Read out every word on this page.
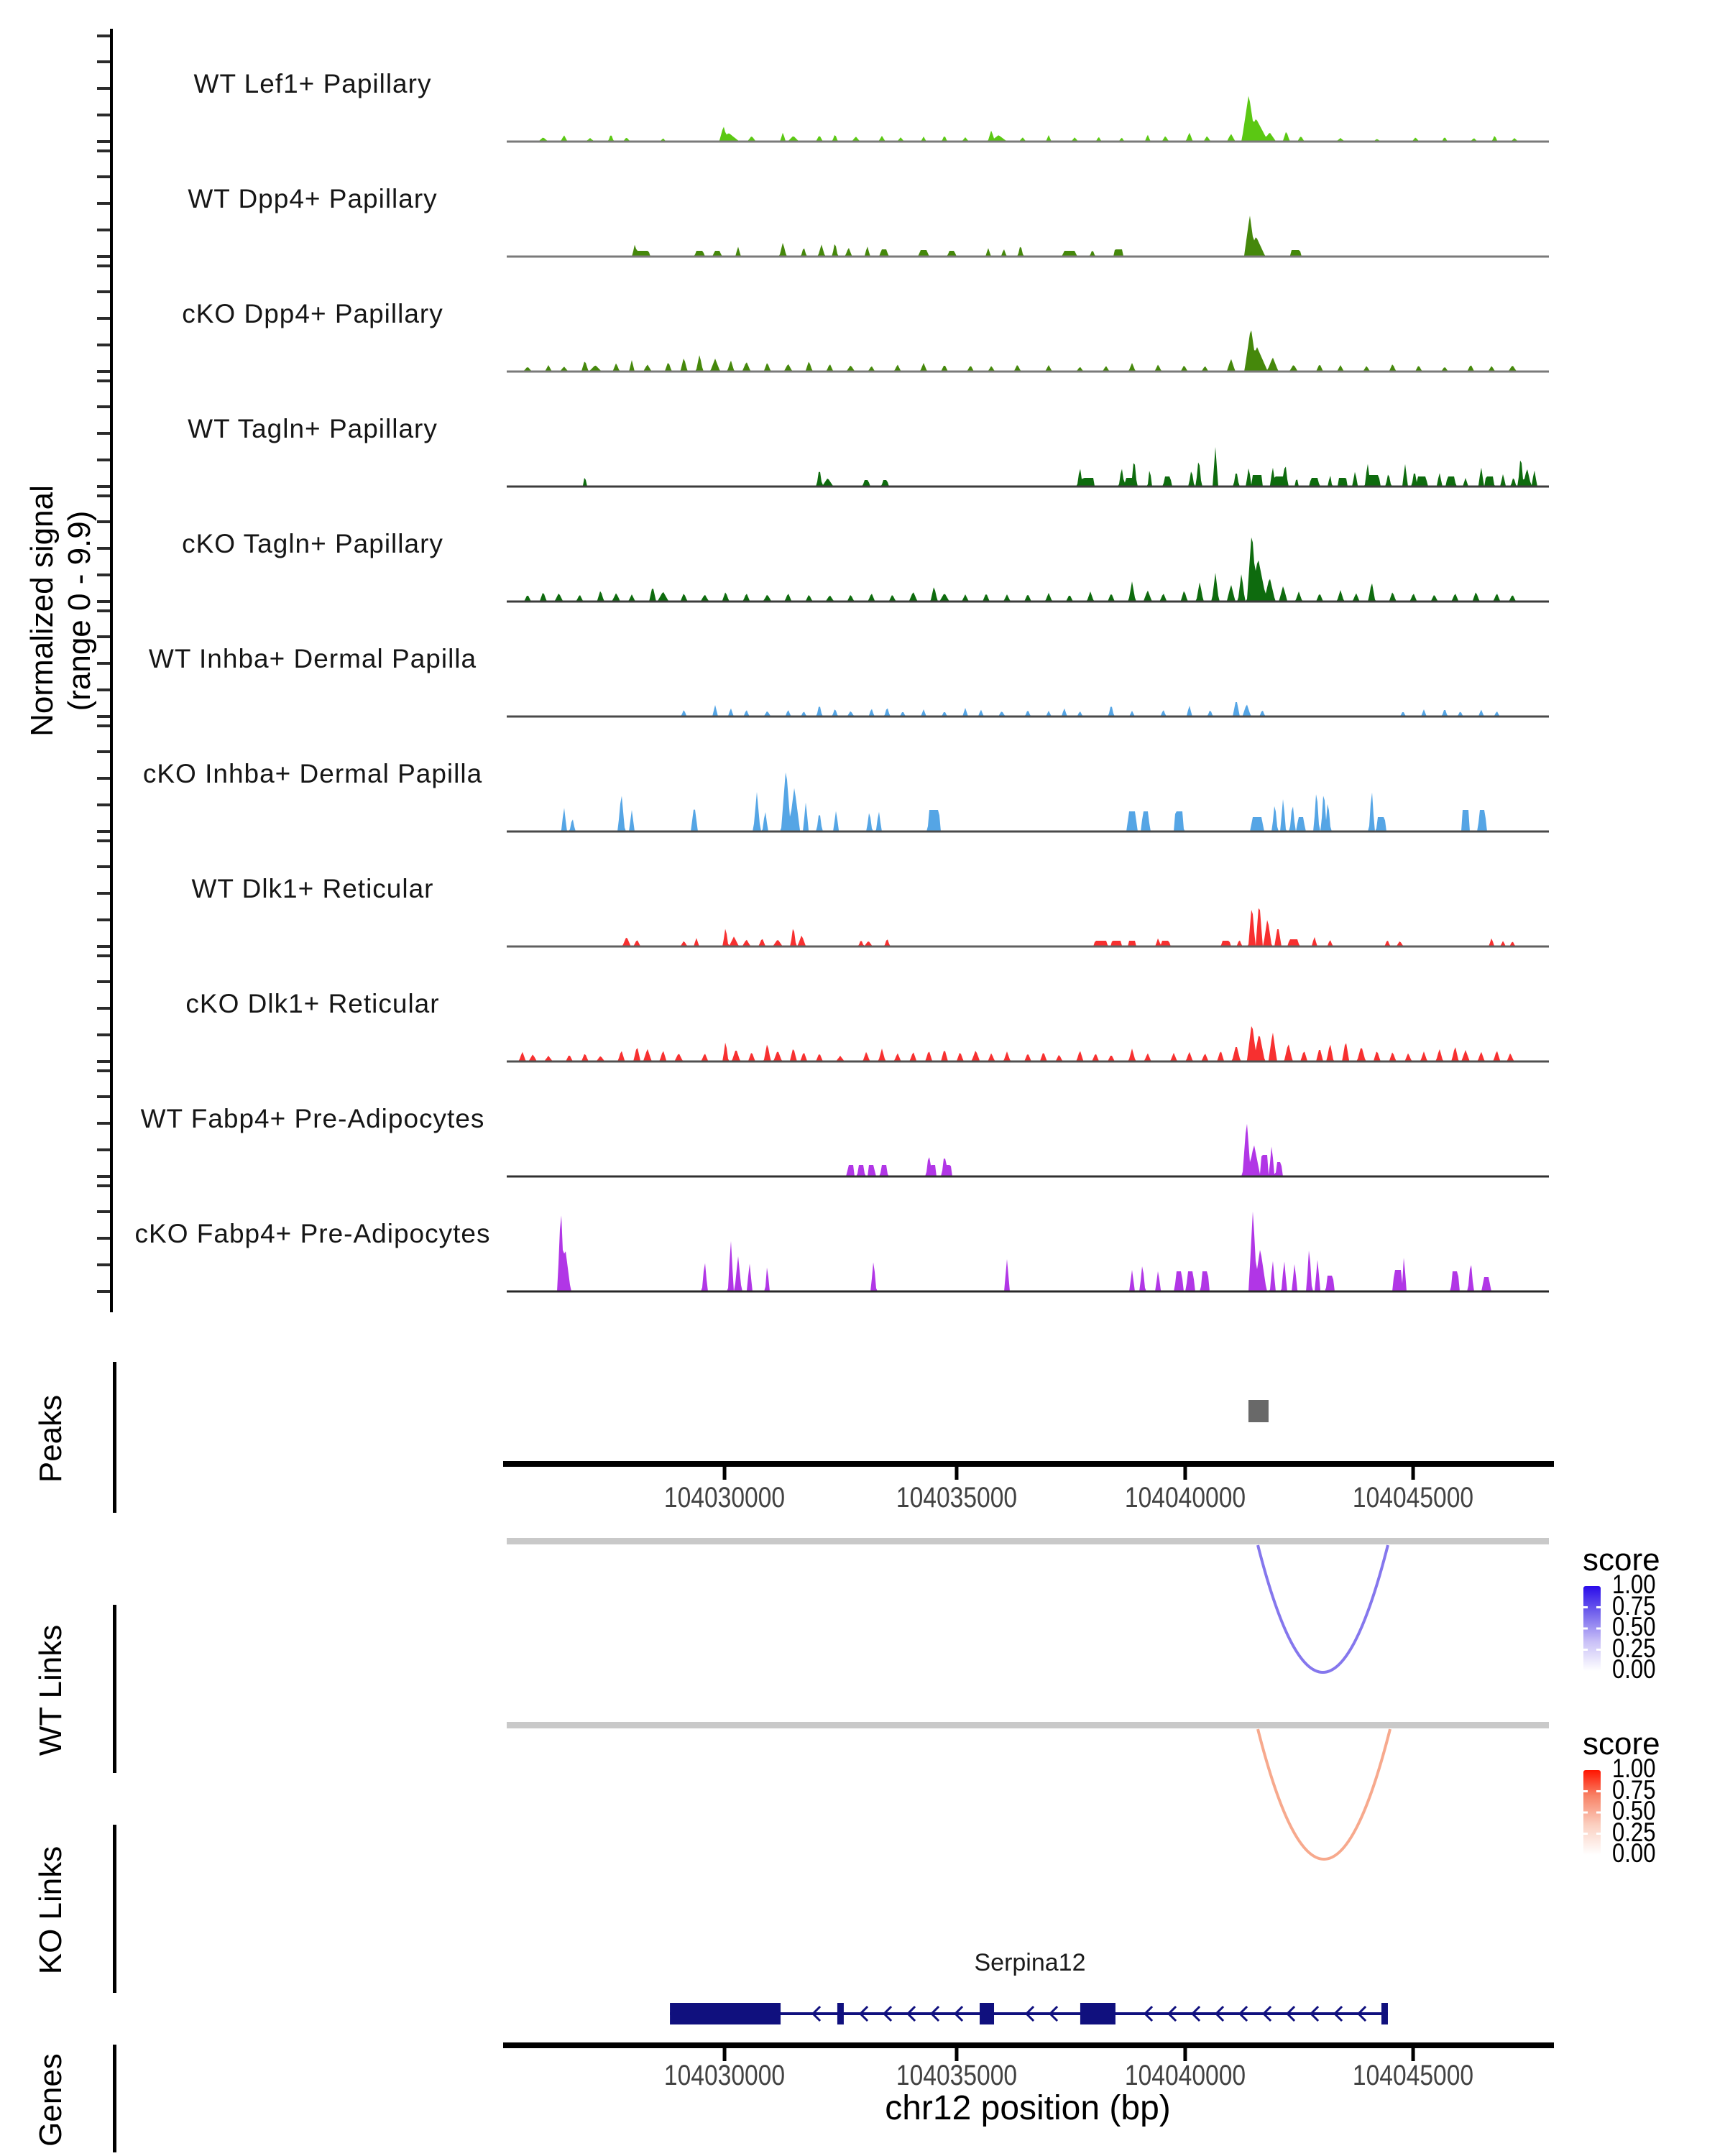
Normalized signal (range 0 - 9.9)
Peaks
WT Links
KO Links
Genes
score
score
Serpina12
chr12 position (bp)
WT Lef1+ Papillary
WT Dpp4+ Papillary
cKO Dpp4+ Papillary
WT Tagln+ Papillary
cKO Tagln+ Papillary
WT Inhba+ Dermal Papilla
cKO Inhba+ Dermal Papilla
WT Dlk1+ Reticular
cKO Dlk1+ Reticular
WT Fabp4+ Pre-Adipocytes
cKO Fabp4+ Pre-Adipocytes
104030000
104030000
104035000
104035000
104040000
104040000
104045000
104045000
1.00
0.75
0.50
0.25
0.00
1.00
0.75
0.50
0.25
0.00
